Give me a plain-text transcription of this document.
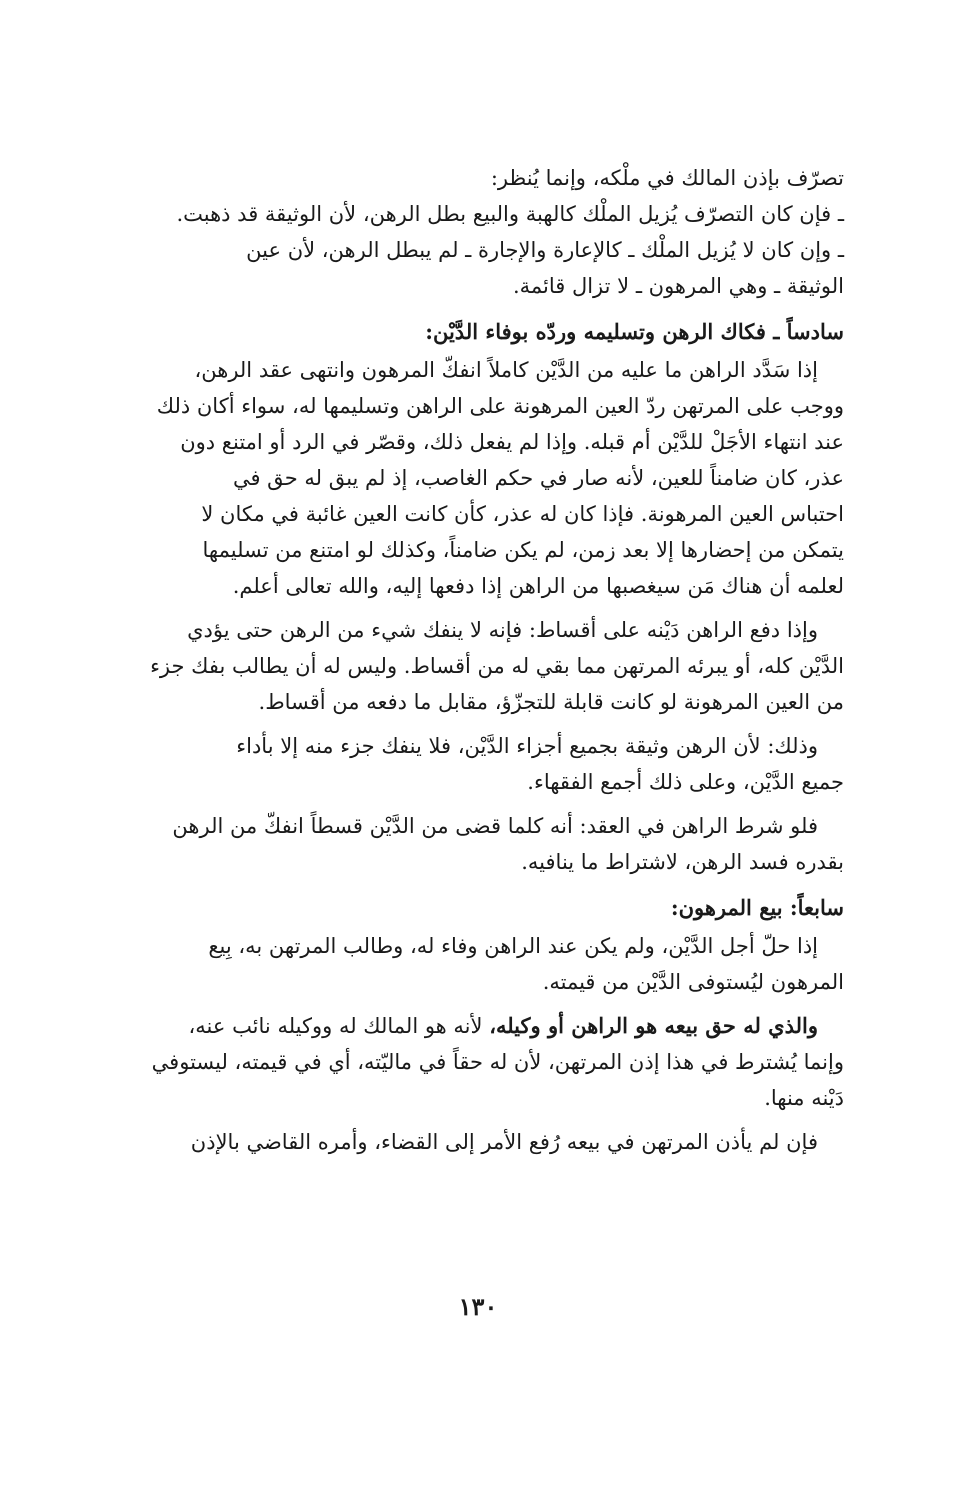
تصرّف بإذن المالك في ملْكه، وإنما يُنظر:

ـ فإن كان التصرّف يُزيل الملْك كالهبة والبيع بطل الرهن، لأن الوثيقة قد ذهبت.

ـ وإن كان لا يُزيل الملْك ـ كالإعارة والإجارة ـ لم يبطل الرهن، لأن عين

الوثيقة ـ وهي المرهون ـ لا تزال قائمة.

سادساً ـ فكاك الرهن وتسليمه وردّه بوفاء الدَّيْن:

إذا سَدَّد الراهن ما عليه من الدَّيْن كاملاً انفكّ المرهون وانتهى عقد الرهن،

ووجب على المرتهن ردّ العين المرهونة على الراهن وتسليمها له، سواء أكان ذلك

عند انتهاء الأجَلْ للدَّيْن أم قبله. وإذا لم يفعل ذلك، وقصّر في الرد أو امتنع دون

عذر، كان ضامناً للعين، لأنه صار في حكم الغاصب، إذ لم يبق له حق في

احتباس العين المرهونة. فإذا كان له عذر، كأن كانت العين غائبة في مكان لا

يتمكن من إحضارها إلا بعد زمن، لم يكن ضامناً، وكذلك لو امتنع من تسليمها

لعلمه أن هناك مَن سيغصبها من الراهن إذا دفعها إليه، والله تعالى أعلم.

وإذا دفع الراهن دَيْنه على أقساط: فإنه لا ينفك شيء من الرهن حتى يؤدي

الدَّيْن كله، أو يبرئه المرتهن مما بقي له من أقساط. وليس له أن يطالب بفك جزء

من العين المرهونة لو كانت قابلة للتجزّؤ، مقابل ما دفعه من أقساط.

وذلك: لأن الرهن وثيقة بجميع أجزاء الدَّيْن، فلا ينفك جزء منه إلا بأداء

جميع الدَّيْن، وعلى ذلك أجمع الفقهاء.

فلو شرط الراهن في العقد: أنه كلما قضى من الدَّيْن قسطاً انفكّ من الرهن

بقدره فسد الرهن، لاشتراط ما ينافيه.

سابعاً: بيع المرهون:

إذا حلّ أجل الدَّيْن، ولم يكن عند الراهن وفاء له، وطالب المرتهن به، بِيع

المرهون ليُستوفى الدَّيْن من قيمته.

والذي له حق بيعه هو الراهن أو وكيله، لأنه هو المالك له ووكيله نائب عنه،

وإنما يُشترط في هذا إذن المرتهن، لأن له حقاً في ماليّته، أي في قيمته، ليستوفي

دَيْنه منها.

فإن لم يأذن المرتهن في بيعه رُفع الأمر إلى القضاء، وأمره القاضي بالإذن

١٣٠
